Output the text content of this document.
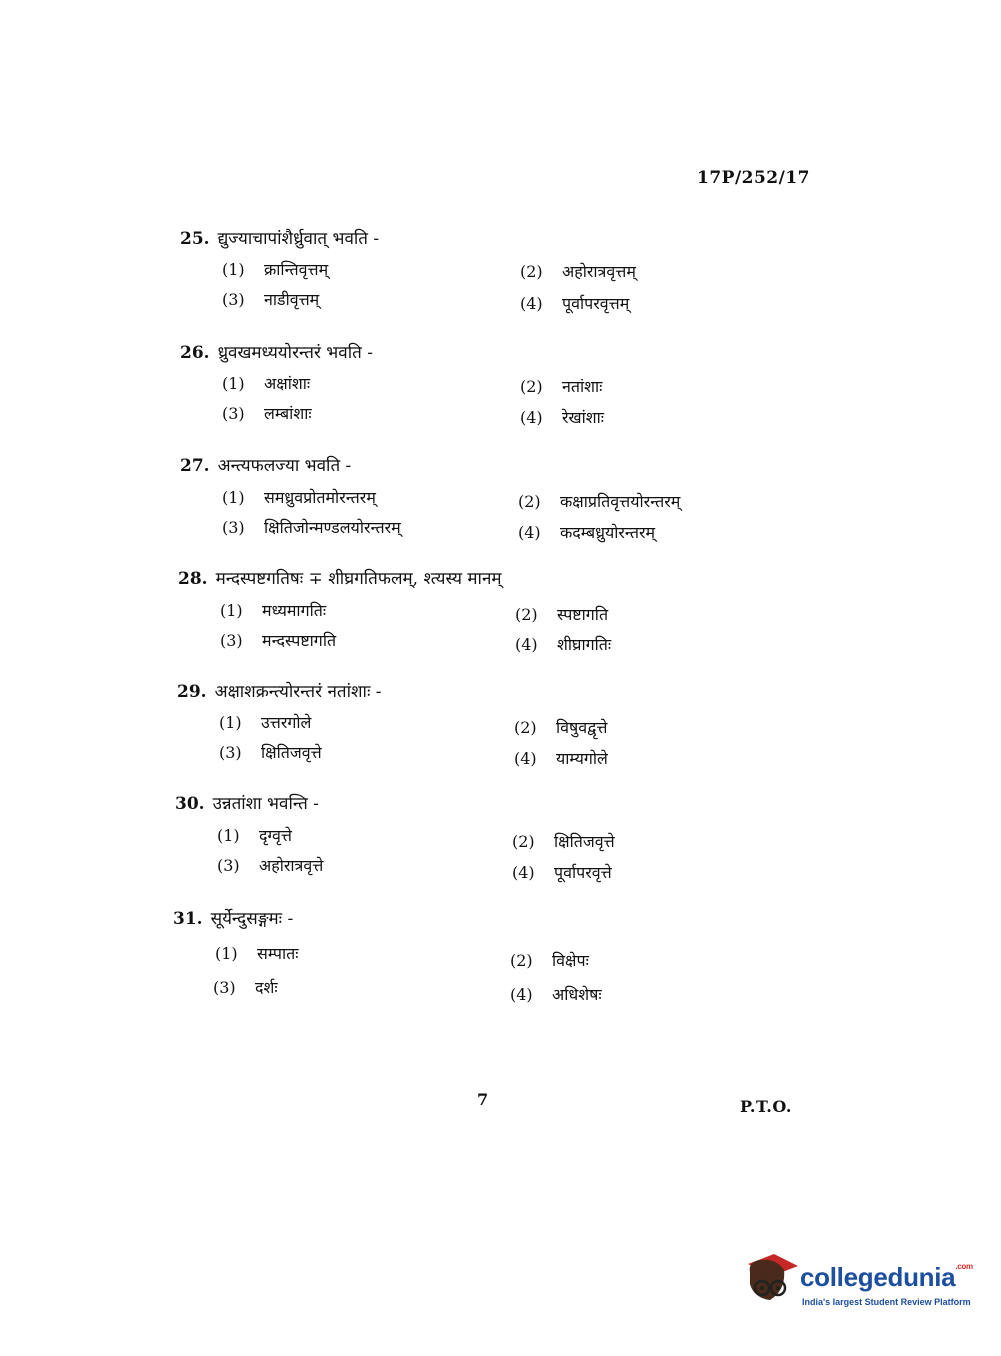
17P/252/17
25. द्युज्याचापांशैर्ध्रुवात् भवति -
(1) क्रान्तिवृत्तम्	(2) अहोरात्रवृत्तम्
(3) नाडीवृत्तम्	(4) पूर्वापरवृत्तम्
26. ध्रुवखमध्ययोरन्तरं भवति -
(1) अक्षांशाः	(2) नतांशाः
(3) लम्बांशाः	(4) रेखांशाः
27. अन्त्यफलज्या भवति -
(1) समध्रुवप्रोतमोरन्तरम्	(2) कक्षाप्रतिवृत्तयोरन्तरम्
(3) क्षितिजोन्मण्डलयोरन्तरम्	(4) कदम्बध्रुयोरन्तरम्
28. मन्दस्पष्टगतिषः ∓ शीघ्रगतिफलम्, श्त्यस्य मानम्
(1) मध्यमागतिः	(2) स्पष्टागति
(3) मन्दस्पष्टागति	(4) शीघ्रागतिः
29. अक्षाशक्रन्त्योरन्तरं नतांशाः -
(1) उत्तरगोले	(2) विषुवद्वृत्ते
(3) क्षितिजवृत्ते	(4) याम्यगोले
30. उन्नतांशा भवन्ति -
(1) दृग्वृत्ते	(2) क्षितिजवृत्ते
(3) अहोरात्रवृत्ते	(4) पूर्वापरवृत्ते
31. सूर्येन्दुसङ्गमः -
(1) सम्पातः	(2) विक्षेपः
(3) दर्शः	(4) अधिशेषः
7	P.T.O.
collegedunia$^{.com}$
India's largest Student Review Platform
